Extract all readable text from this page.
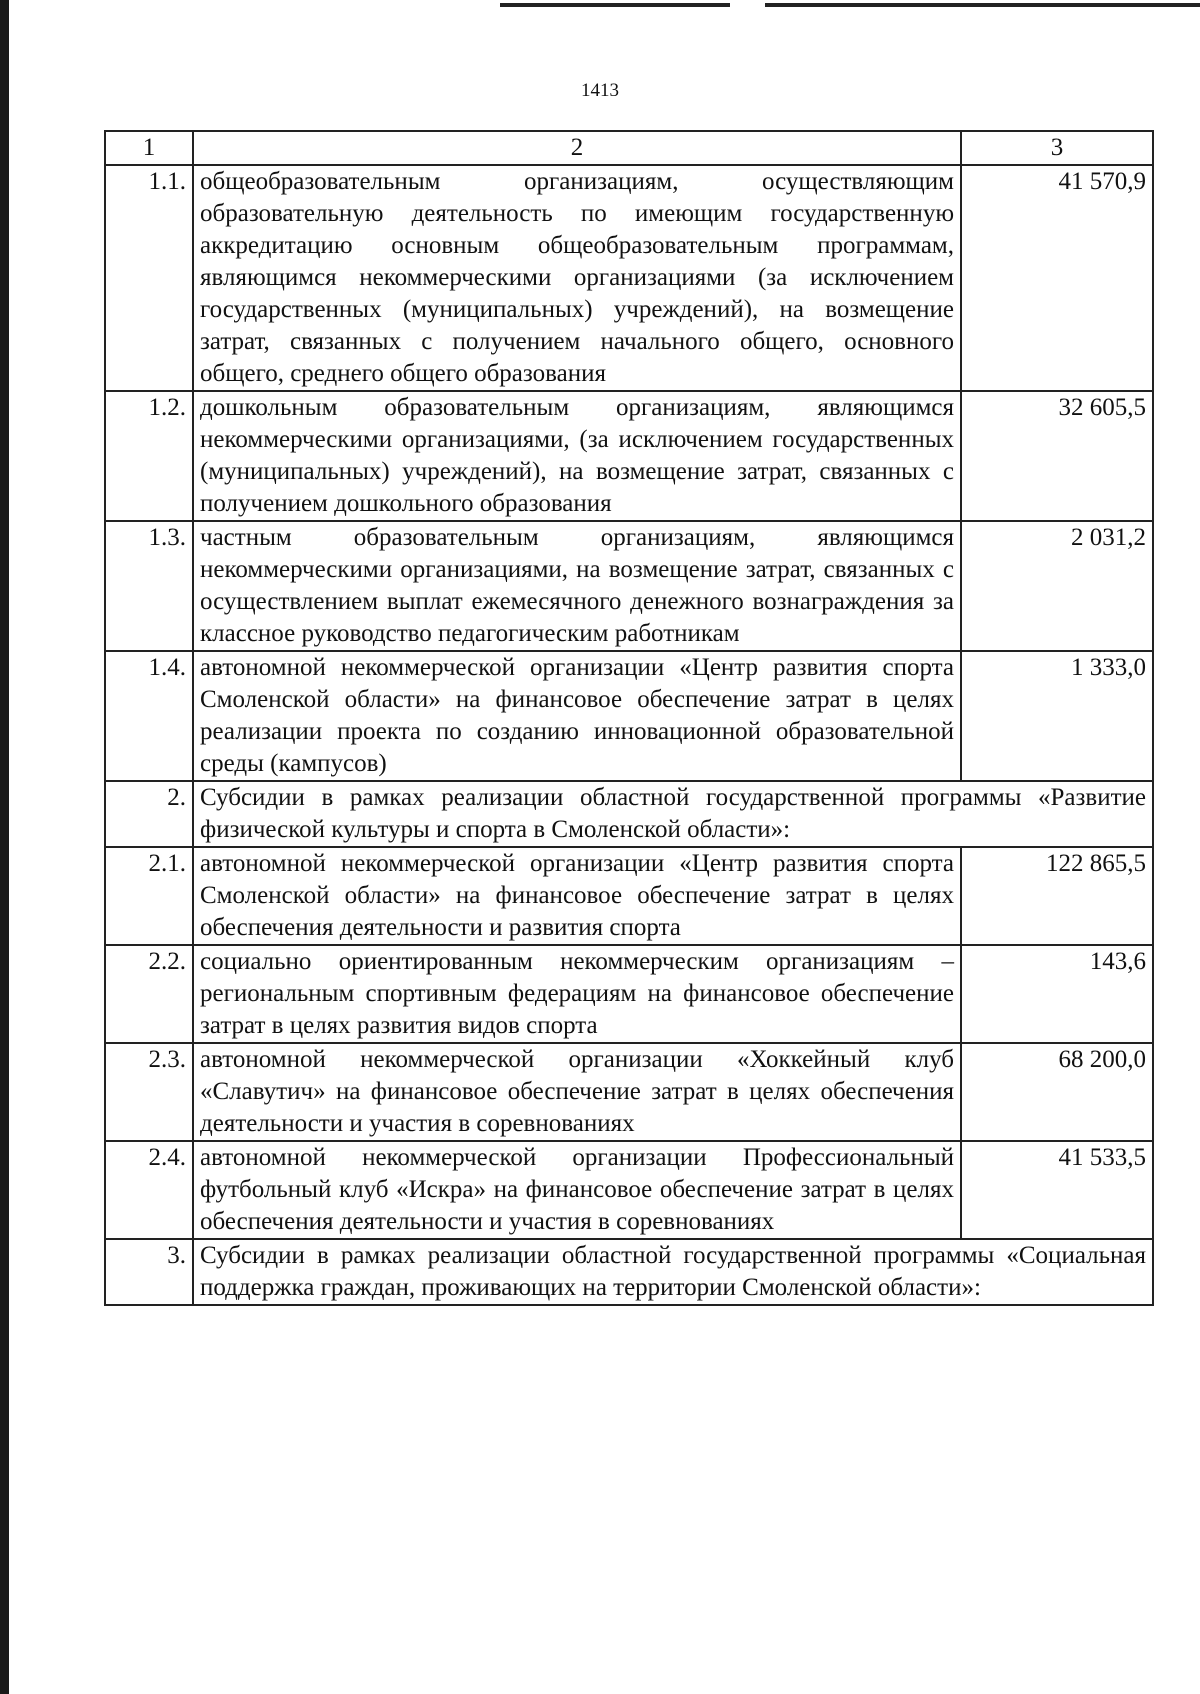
1413
1	2	3
1.1.	общеобразовательным организациям, осуществляющим образовательную деятельность по имеющим государственную аккредитацию основным общеобразовательным программам, являющимся некоммерческими организациями (за исключением государственных (муниципальных) учреждений), на возмещение затрат, связанных с получением начального общего, основного общего, среднего общего образования	41 570,9
1.2.	дошкольным образовательным организациям, являющимся некоммерческими организациями, (за исключением государственных (муниципальных) учреждений), на возмещение затрат, связанных с получением дошкольного образования	32 605,5
1.3.	частным образовательным организациям, являющимся некоммерческими организациями, на возмещение затрат, связанных с осуществлением выплат ежемесячного денежного вознаграждения за классное руководство педагогическим работникам	2 031,2
1.4.	автономной некоммерческой организации «Центр развития спорта Смоленской области» на финансовое обеспечение затрат в целях реализации проекта по созданию инновационной образовательной среды (кампусов)	1 333,0
2.	Субсидии в рамках реализации областной государственной программы «Развитие физической культуры и спорта в Смоленской области»:	
2.1.	автономной некоммерческой организации «Центр развития спорта Смоленской области» на финансовое обеспечение затрат в целях обеспечения деятельности и развития спорта	122 865,5
2.2.	социально ориентированным некоммерческим организациям – региональным спортивным федерациям на финансовое обеспечение затрат в целях развития видов спорта	143,6
2.3.	автономной некоммерческой организации «Хоккейный клуб «Славутич» на финансовое обеспечение затрат в целях обеспечения деятельности и участия в соревнованиях	68 200,0
2.4.	автономной некоммерческой организации Профессиональный футбольный клуб «Искра» на финансовое обеспечение затрат в целях обеспечения деятельности и участия в соревнованиях	41 533,5
3.	Субсидии в рамках реализации областной государственной программы «Социальная поддержка граждан, проживающих на территории Смоленской области»:	
